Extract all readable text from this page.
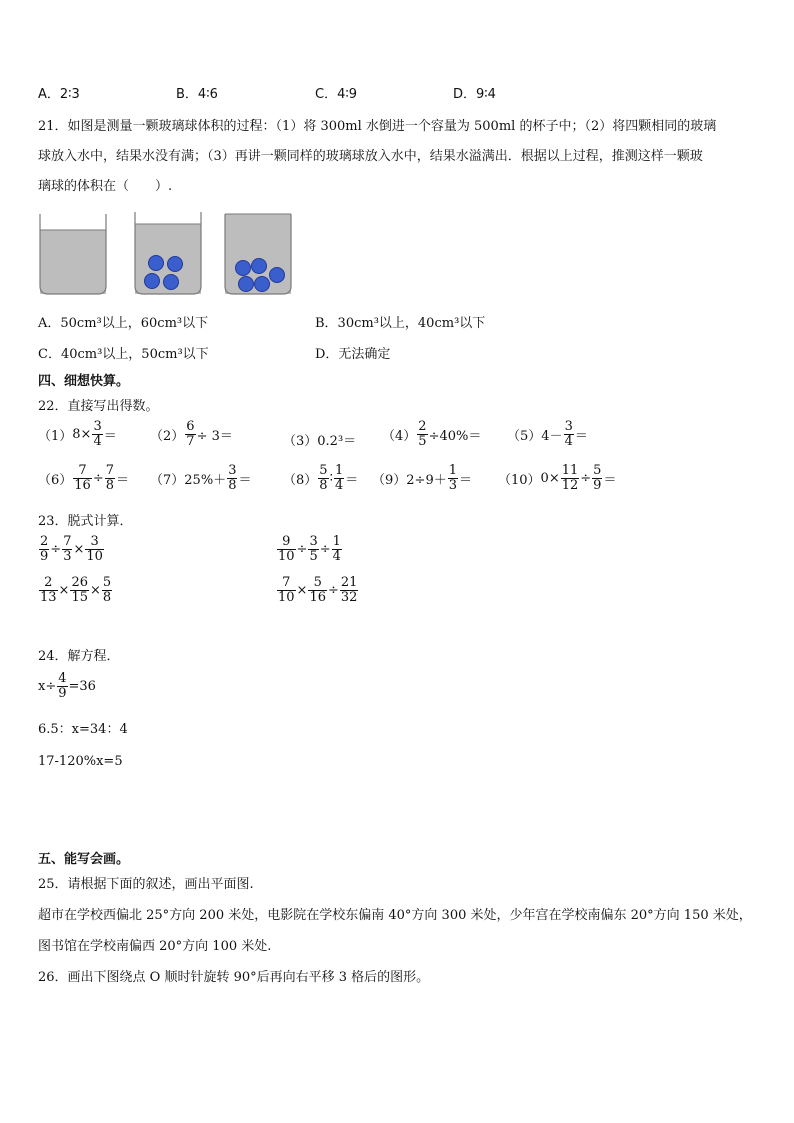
A．2∶3	B．4∶6	C．4∶9	D．9∶4
21．如图是测量一颗玻璃球体积的过程：（1）将 300ml 水倒进一个容量为 500ml 的杯子中；（2）将四颗相同的玻璃
球放入水中，结果水没有满；（3）再讲一颗同样的玻璃球放入水中，结果水溢满出．根据以上过程，推测这样一颗玻
璃球的体积在（　　）.
A．50cm³以上，60cm³以下	B．30cm³以上，40cm³以下
C．40cm³以上，50cm³以下	D．无法确定
四、细想快算。
22．直接写出得数。
（1） $8\times \frac{3}{4}$ ＝	$(2) \frac{6}{7} \div 3=$	（3） $0.2^3= (4) \frac{2}{5} \div 40\%= (5)$ $4- \frac{3}{4}$ ＝
$(6) \frac{7}{16} \div \frac{7}{8} = (7)$ $25\%+ \frac{3}{8} = (8) \frac{5}{8}$ ∶ $\frac{1}{4} = (9)$ $2\div 9+ \frac{1}{3} = (10)$ $0\times \frac{11}{12} \div \frac{5}{9}$ ＝
23．脱式计算．
$\frac{2}{9} \div \frac{7}{3} \times \frac{3}{10}$	$\frac{9}{10} \div \frac{3}{5} \div \frac{1}{4}$
$\frac{2}{13} \times \frac{26}{15} \times \frac{5}{8}$	$\frac{7}{10} \times \frac{5}{16} \div \frac{21}{32}$
24．解方程．
$x\div \frac{4}{9} =36$
6.5：x=34：4
17-120%x=5
五、能写会画。
25．请根据下面的叙述，画出平面图.
超市在学校西偏北 25°方向 200 米处，电影院在学校东偏南 40°方向 300 米处，少年宫在学校南偏东 20°方向 150 米处，
图书馆在学校南偏西 20°方向 100 米处.
26．画出下图绕点 O 顺时针旋转 90°后再向右平移 3 格后的图形。
